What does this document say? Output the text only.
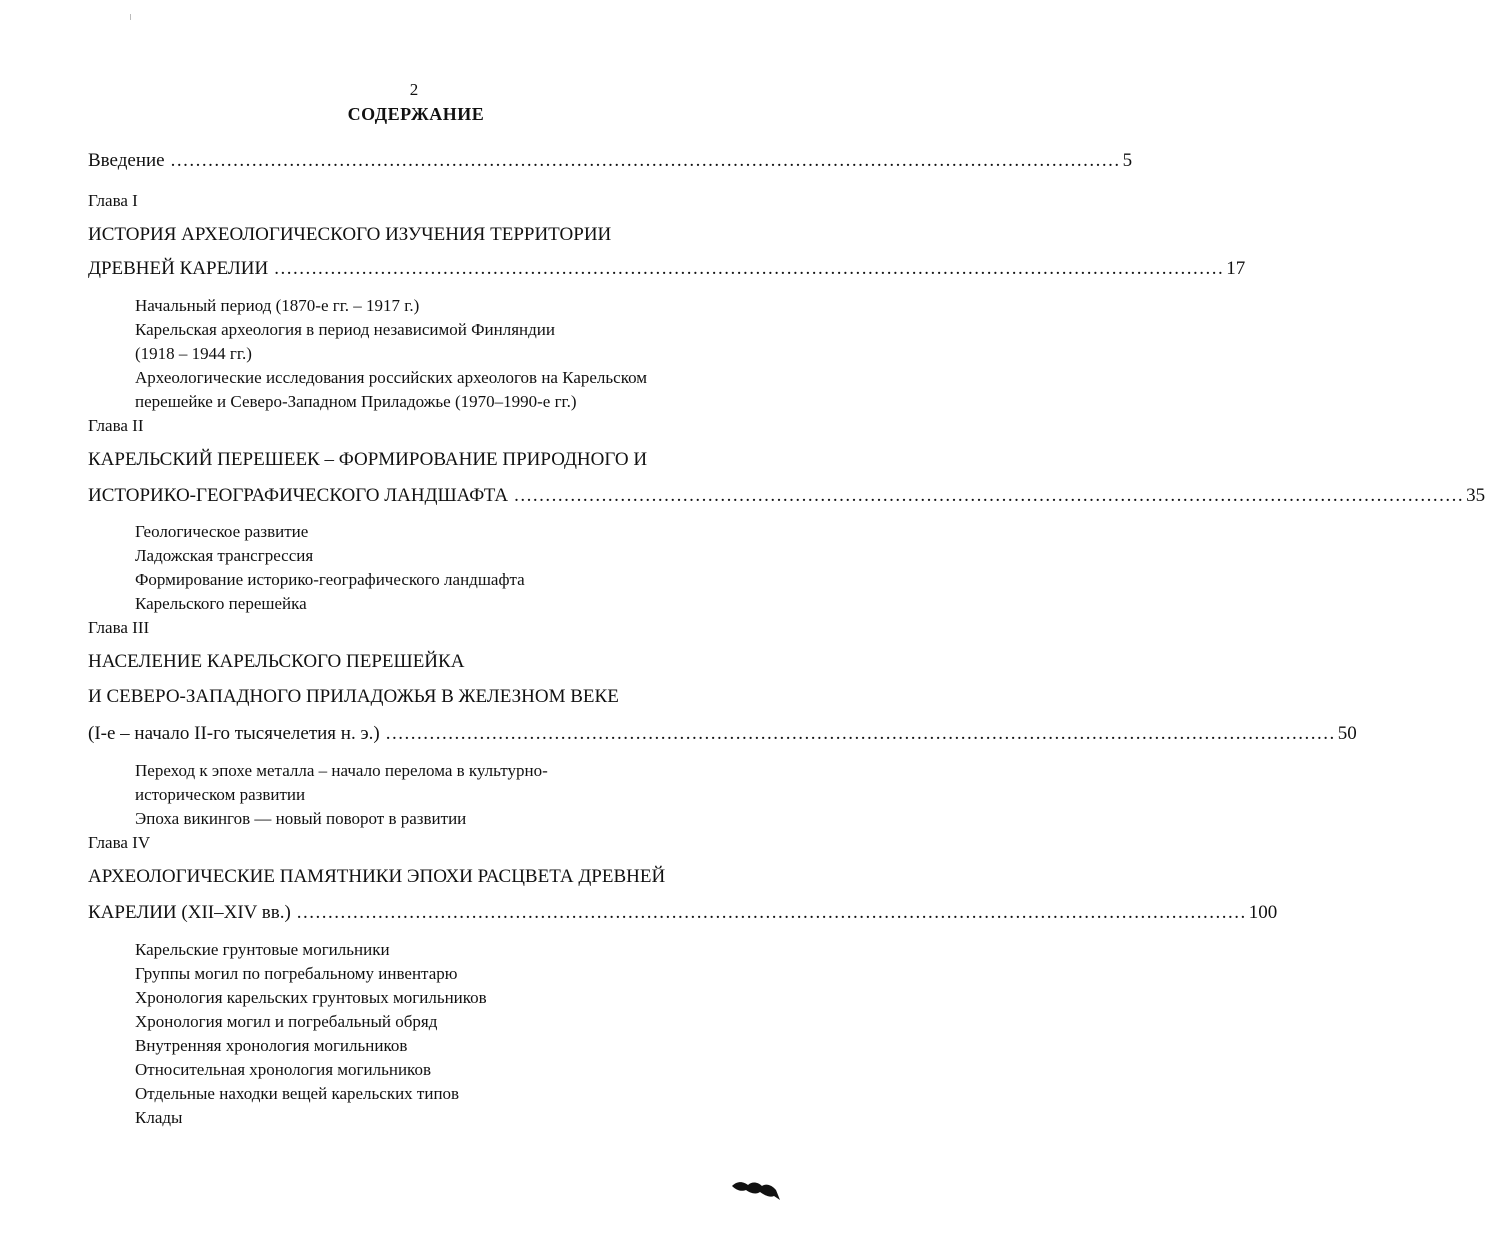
2
СОДЕРЖАНИЕ
Введение ........................................................................................................................................................ 5
Глава I
ИСТОРИЯ АРХЕОЛОГИЧЕСКОГО ИЗУЧЕНИЯ ТЕРРИТОРИИ
ДРЕВНЕЙ КАРЕЛИИ ........................................................................................................................................................ 17
Начальный период (1870-е гг. – 1917 г.)
Карельская археология в период независимой Финляндии
(1918 – 1944 гг.)
Археологические исследования российских археологов на Карельском
перешейке и Северо-Западном Приладожье (1970–1990-е гг.)
Глава II
КАРЕЛЬСКИЙ ПЕРЕШЕЕК – ФОРМИРОВАНИЕ ПРИРОДНОГО И
ИСТОРИКО-ГЕОГРАФИЧЕСКОГО ЛАНДШАФТА ........................................................................................................................................................ 35
Геологическое развитие
Ладожская трансгрессия
Формирование историко-географического ландшафта
Карельского перешейка
Глава III
НАСЕЛЕНИЕ КАРЕЛЬСКОГО ПЕРЕШЕЙКА
И СЕВЕРО-ЗАПАДНОГО ПРИЛАДОЖЬЯ В ЖЕЛЕЗНОМ ВЕКЕ
(I-е – начало II-го тысячелетия н. э.) ........................................................................................................................................................ 50
Переход к эпохе металла – начало перелома в культурно-
историческом развитии
Эпоха викингов — новый поворот в развитии
Глава IV
АРХЕОЛОГИЧЕСКИЕ ПАМЯТНИКИ ЭПОХИ РАСЦВЕТА ДРЕВНЕЙ
КАРЕЛИИ (XII–XIV вв.) ........................................................................................................................................................ 100
Карельские грунтовые могильники
Группы могил по погребальному инвентарю
Хронология карельских грунтовых могильников
Хронология могил и погребальный обряд
Внутренняя хронология могильников
Относительная хронология могильников
Отдельные находки вещей карельских типов
Клады
